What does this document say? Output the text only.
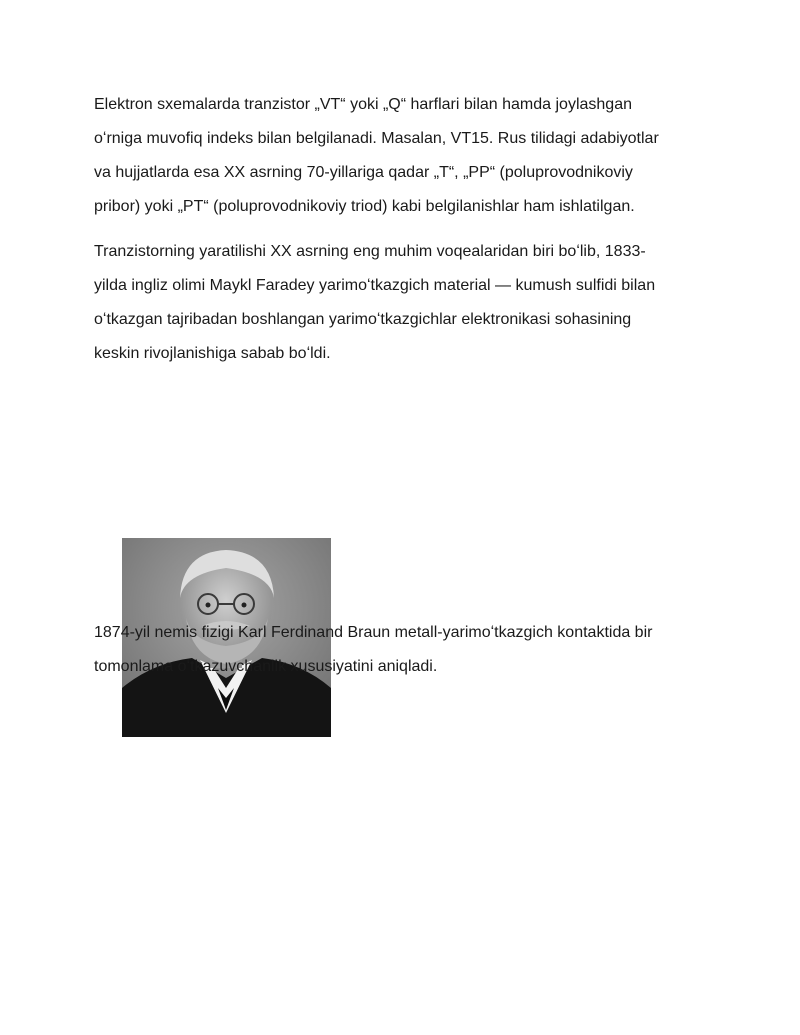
Elektron sxemalarda tranzistor „VT“ yoki „Q“ harflari bilan hamda joylashgan
oʻrniga muvofiq indeks bilan belgilanadi. Masalan, VT15. Rus tilidagi adabiyotlar
va hujjatlarda esa XX asrning 70-yillariga qadar „T“, „PP“ (poluprovodnikoviy
pribor) yoki „PT“ (poluprovodnikoviy triod) kabi belgilanishlar ham ishlatilgan.

Tranzistorning yaratilishi XX asrning eng muhim voqealaridan biri boʻlib, 1833-
yilda ingliz olimi Maykl Faradey yarimoʻtkazgich material — kumush sulfidi bilan
oʻtkazgan tajribadan boshlangan yarimoʻtkazgichlar elektronikasi sohasining
keskin rivojlanishiga sabab boʻldi.

1874-yil nemis fizigi Karl Ferdinand Braun metall-yarimoʻtkazgich kontaktida bir
tomonlama oʻtkazuvchanlik xususiyatini aniqladi.
